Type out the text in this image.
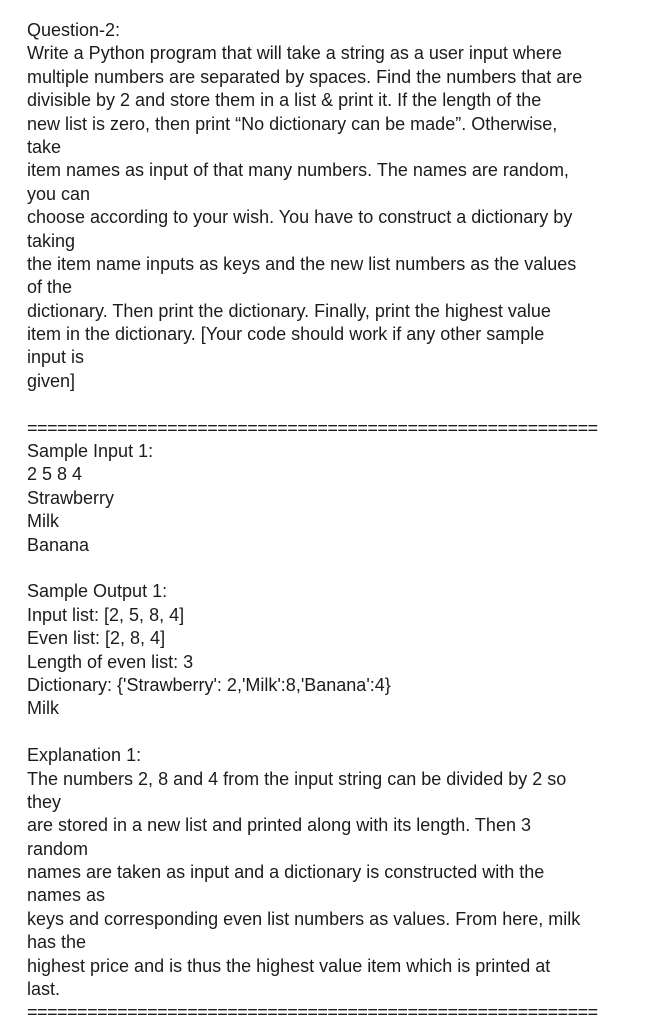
Question-2:
Write a Python program that will take a string as a user input where
multiple numbers are separated by spaces. Find the numbers that are
divisible by 2 and store them in a list & print it. If the length of the
new list is zero, then print “No dictionary can be made”. Otherwise,
take
item names as input of that many numbers. The names are random,
you can
choose according to your wish. You have to construct a dictionary by
taking
the item name inputs as keys and the new list numbers as the values
of the
dictionary. Then print the dictionary. Finally, print the highest value
item in the dictionary. [Your code should work if any other sample
input is
given]
=========================================================
Sample Input 1:
2 5 8 4
Strawberry
Milk
Banana
Sample Output 1:
Input list: [2, 5, 8, 4]
Even list: [2, 8, 4]
Length of even list: 3
Dictionary: {'Strawberry': 2,'Milk':8,'Banana':4}
Milk
Explanation 1:
The numbers 2, 8 and 4 from the input string can be divided by 2 so
they
are stored in a new list and printed along with its length. Then 3
random
names are taken as input and a dictionary is constructed with the
names as
keys and corresponding even list numbers as values. From here, milk
has the
highest price and is thus the highest value item which is printed at
last.
=========================================================
